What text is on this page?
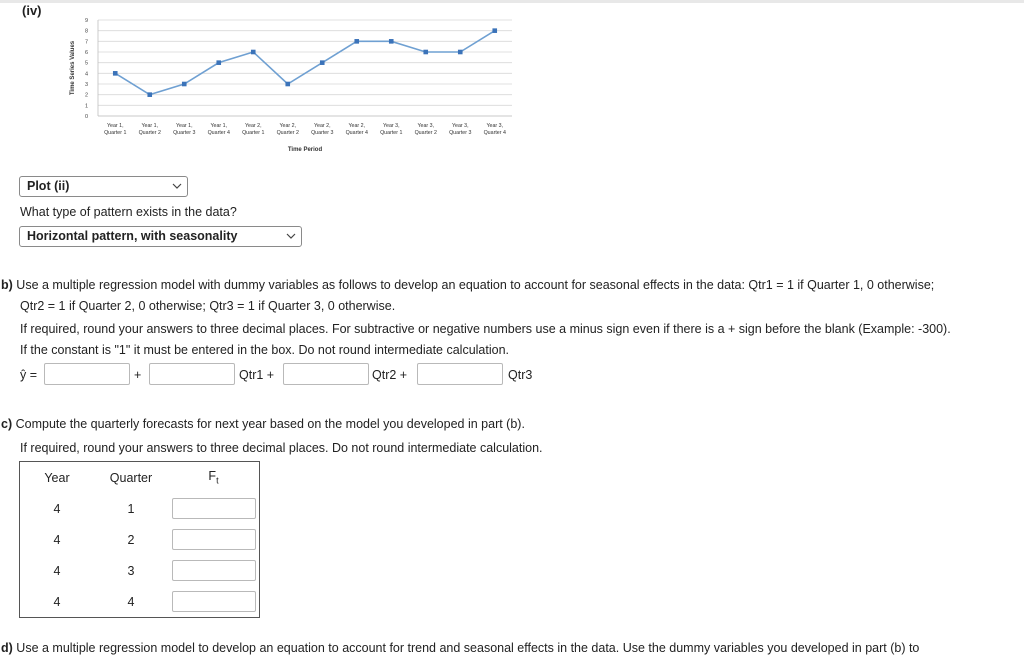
(iv)
0
1
2
3
4
5
6
7
8
9
Time Series Values
Year 1,
Quarter 1
Year 1,
Quarter 2
Year 1,
Quarter 3
Year 1,
Quarter 4
Year 2,
Quarter 1
Year 2,
Quarter 2
Year 2,
Quarter 3
Year 2,
Quarter 4
Year 3,
Quarter 1
Year 3,
Quarter 2
Year 3,
Quarter 3
Year 3,
Quarter 4
Time Period
Plot (ii)
What type of pattern exists in the data?
Horizontal pattern, with seasonality
b) Use a multiple regression model with dummy variables as follows to develop an equation to account for seasonal effects in the data: Qtr1 = 1 if Quarter 1, 0 otherwise;
Qtr2 = 1 if Quarter 2, 0 otherwise; Qtr3 = 1 if Quarter 3, 0 otherwise.
If required, round your answers to three decimal places. For subtractive or negative numbers use a minus sign even if there is a + sign before the blank (Example: -300).
If the constant is "1" it must be entered in the box. Do not round intermediate calculation.
ŷ =	+	Qtr1 +	Qtr2 +	Qtr3
c) Compute the quarterly forecasts for next year based on the model you developed in part (b).
If required, round your answers to three decimal places. Do not round intermediate calculation.
Year	Quarter	$F_t$
4	1	
4	2	
4	3	
4	4	
d) Use a multiple regression model to develop an equation to account for trend and seasonal effects in the data. Use the dummy variables you developed in part (b) to
